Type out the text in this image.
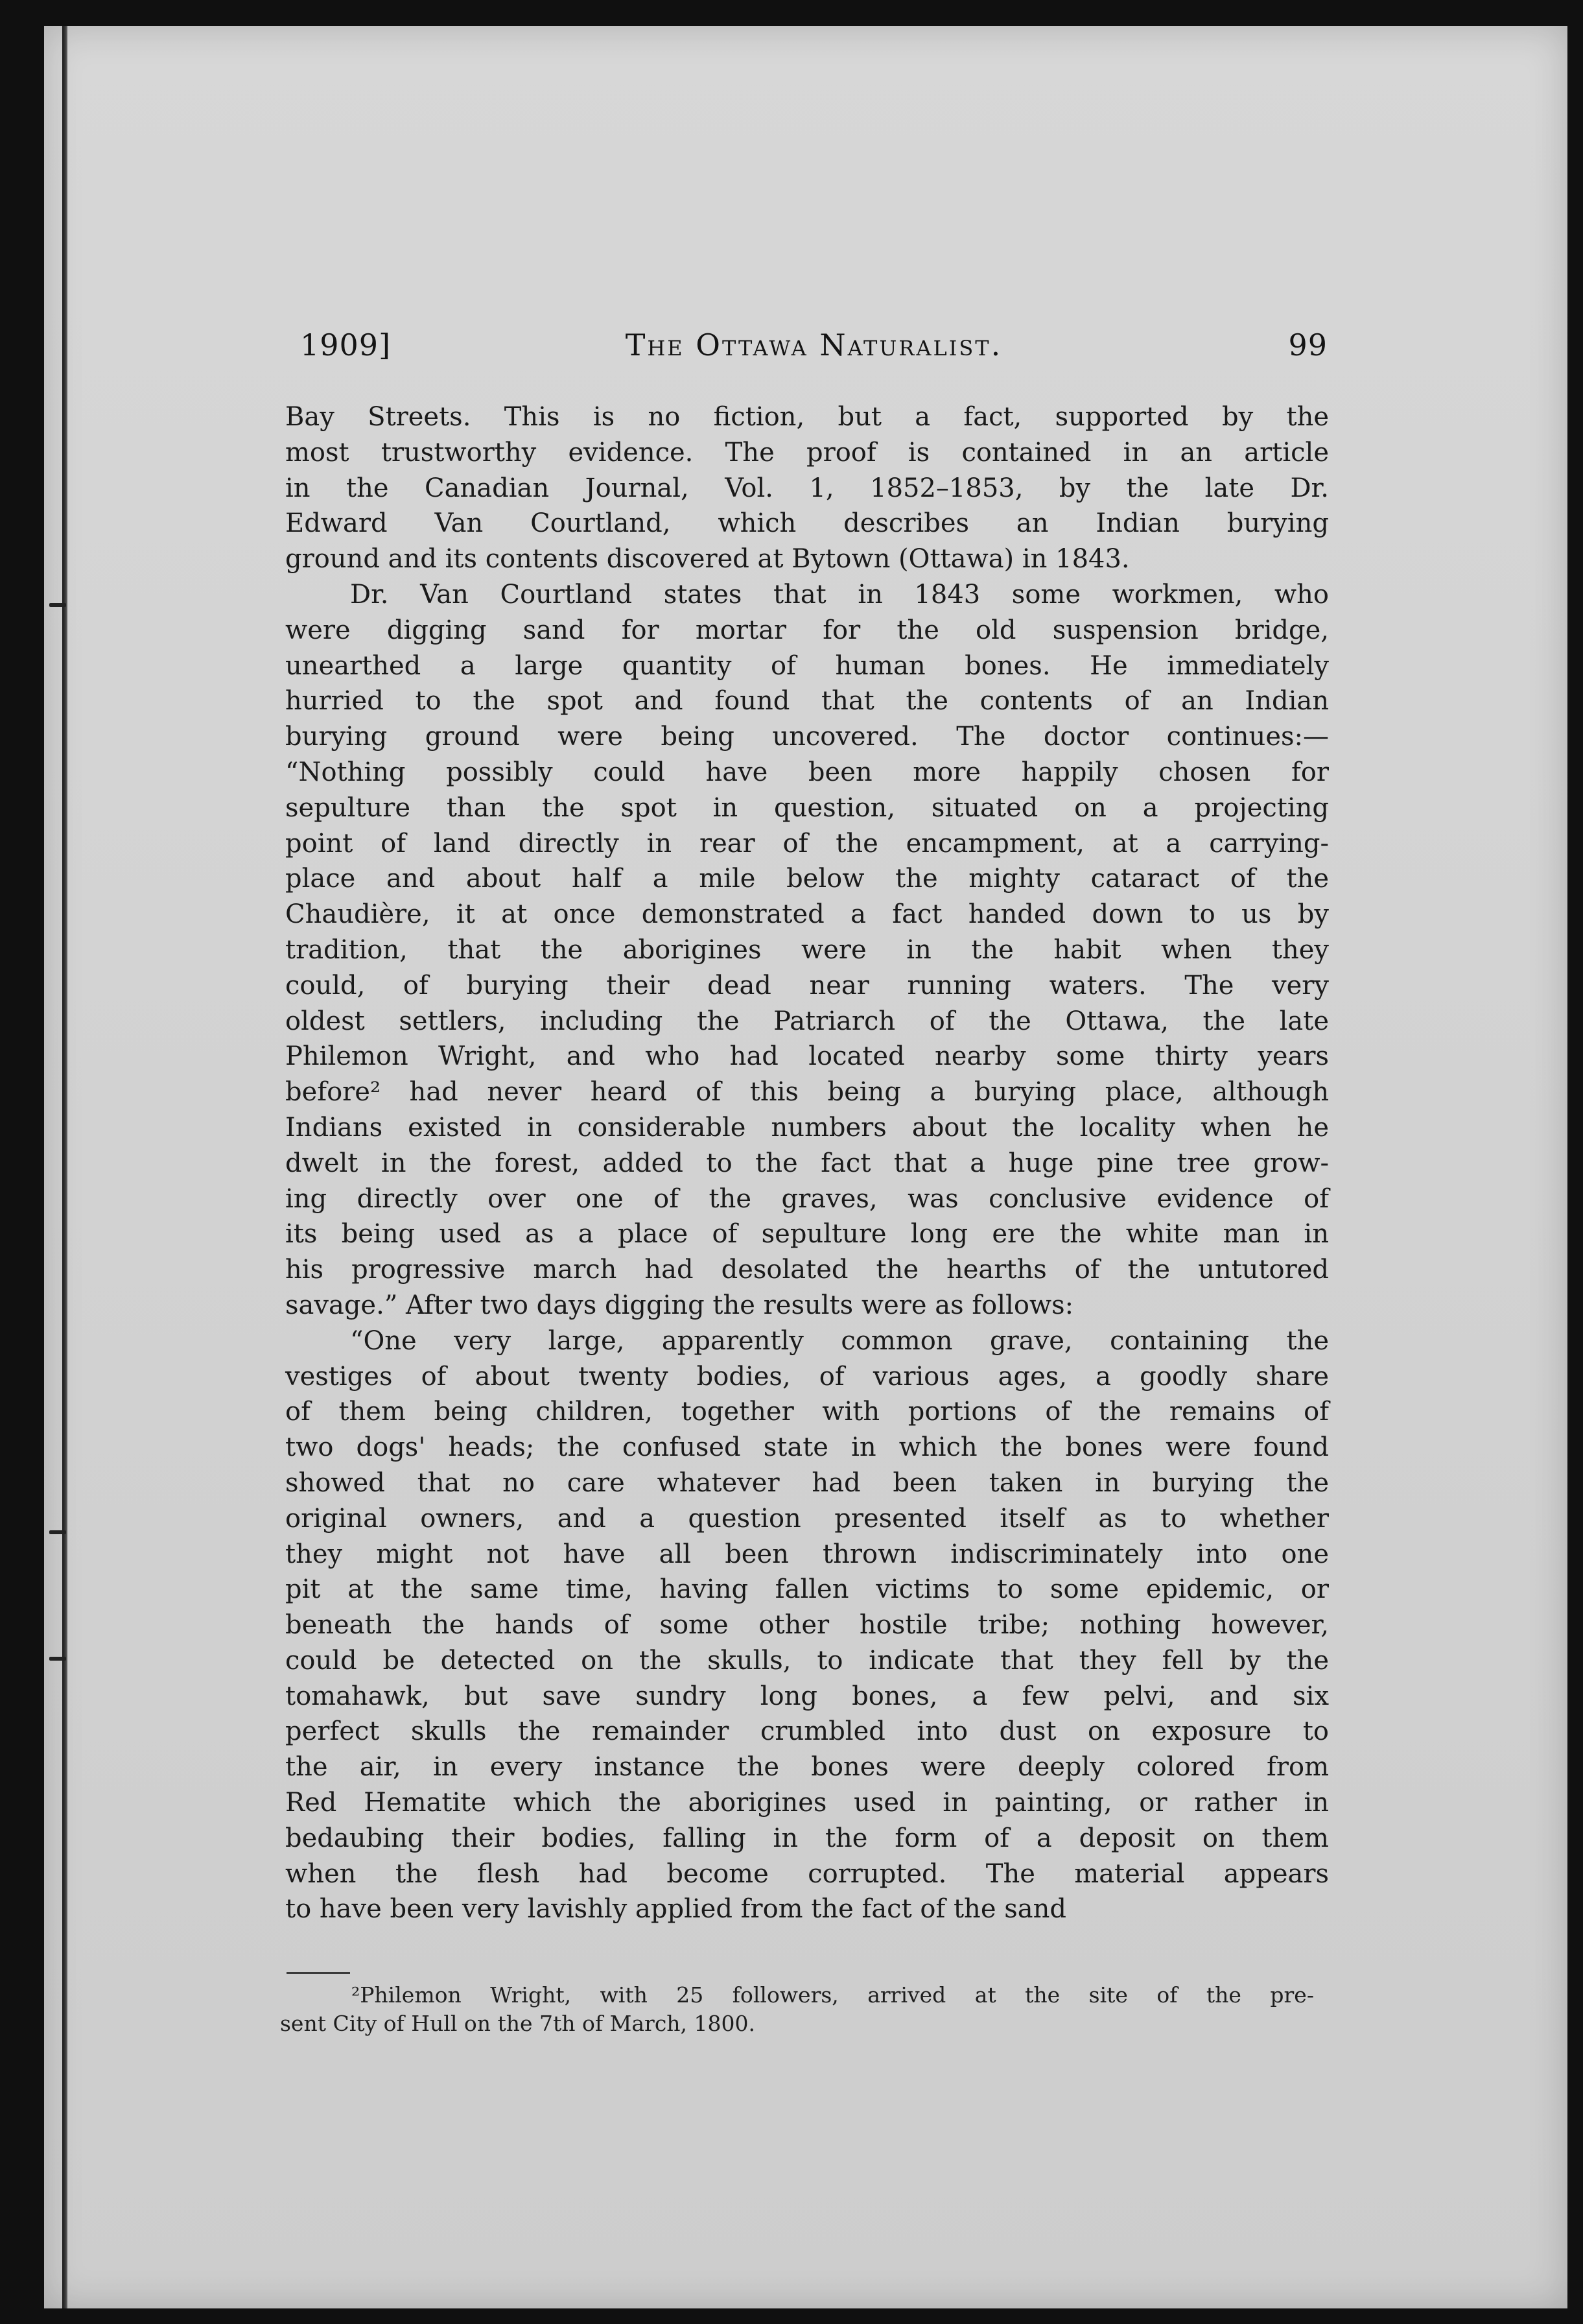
1909]	The Ottawa Naturalist.	99
Bay Streets. This is no fiction, but a fact, supported by the
most trustworthy evidence. The proof is contained in an article
in the Canadian Journal, Vol. 1, 1852–1853, by the late Dr.
Edward Van Courtland, which describes an Indian burying
ground and its contents discovered at Bytown (Ottawa) in 1843.
Dr. Van Courtland states that in 1843 some workmen, who
were digging sand for mortar for the old suspension bridge,
unearthed a large quantity of human bones. He immediately
hurried to the spot and found that the contents of an Indian
burying ground were being uncovered. The doctor continues:—
“Nothing possibly could have been more happily chosen for
sepulture than the spot in question, situated on a projecting
point of land directly in rear of the encampment, at a carrying-
place and about half a mile below the mighty cataract of the
Chaudière, it at once demonstrated a fact handed down to us by
tradition, that the aborigines were in the habit when they
could, of burying their dead near running waters. The very
oldest settlers, including the Patriarch of the Ottawa, the late
Philemon Wright, and who had located nearby some thirty years
before² had never heard of this being a burying place, although
Indians existed in considerable numbers about the locality when he
dwelt in the forest, added to the fact that a huge pine tree grow-
ing directly over one of the graves, was conclusive evidence of
its being used as a place of sepulture long ere the white man in
his progressive march had desolated the hearths of the untutored
savage.” After two days digging the results were as follows:
“One very large, apparently common grave, containing the
vestiges of about twenty bodies, of various ages, a goodly share
of them being children, together with portions of the remains of
two dogs' heads; the confused state in which the bones were found
showed that no care whatever had been taken in burying the
original owners, and a question presented itself as to whether
they might not have all been thrown indiscriminately into one
pit at the same time, having fallen victims to some epidemic, or
beneath the hands of some other hostile tribe; nothing however,
could be detected on the skulls, to indicate that they fell by the
tomahawk, but save sundry long bones, a few pelvi, and six
perfect skulls the remainder crumbled into dust on exposure to
the air, in every instance the bones were deeply colored from
Red Hematite which the aborigines used in painting, or rather in
bedaubing their bodies, falling in the form of a deposit on them
when the flesh had become corrupted. The material appears
to have been very lavishly applied from the fact of the sand
²Philemon Wright, with 25 followers, arrived at the site of the pre-
sent City of Hull on the 7th of March, 1800.
